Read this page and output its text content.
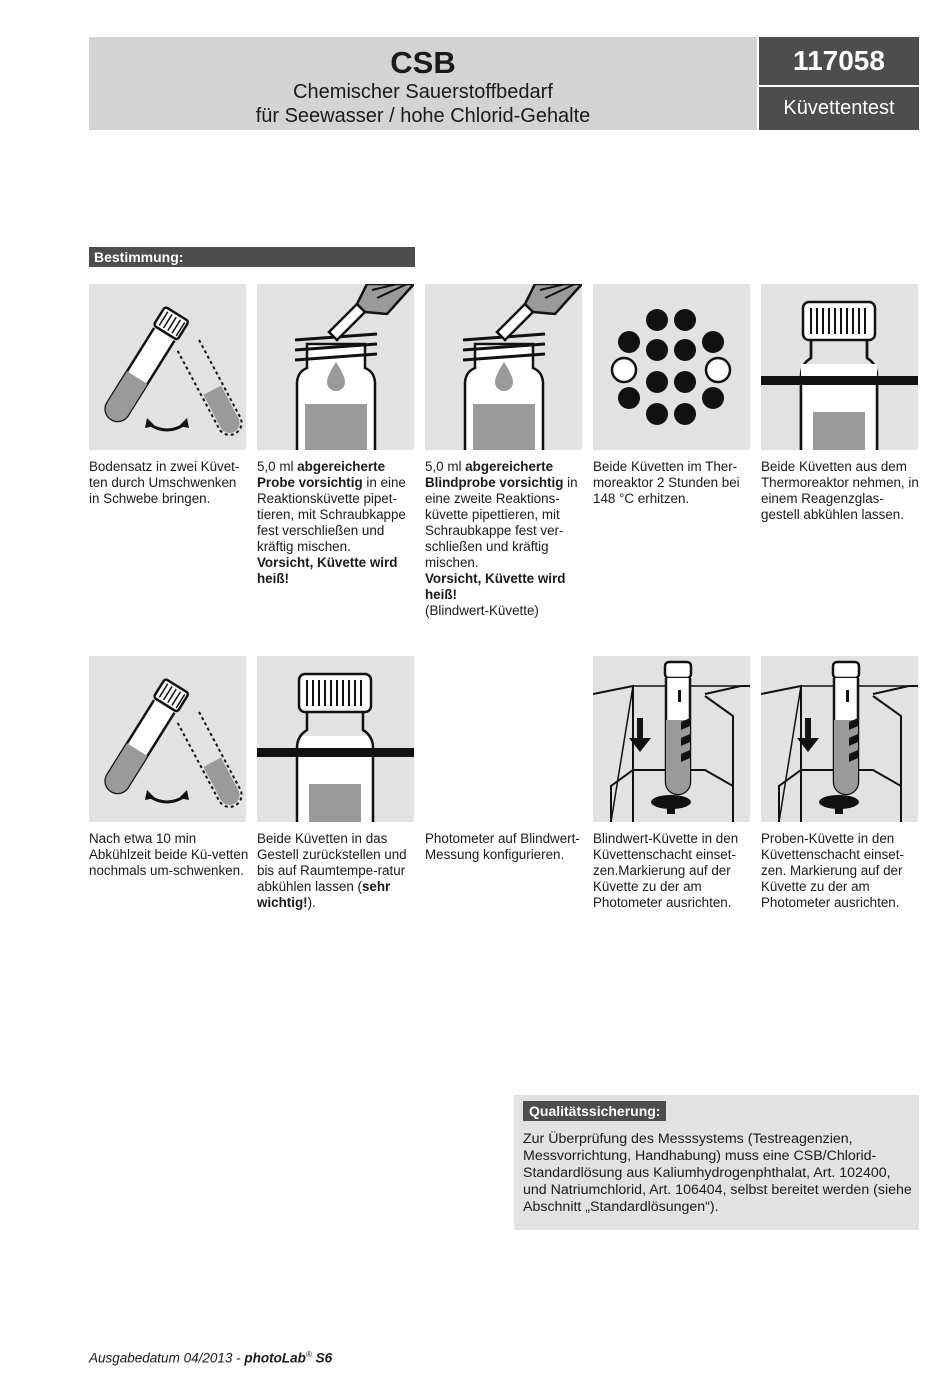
CSB
Chemischer Sauerstoffbedarf
für Seewasser / hohe Chlorid-Gehalte
117058
Küvettentest
Bestimmung:
Bodensatz in zwei Küvet-ten durch Umschwenken in Schwebe bringen.
5,0 ml abgereicherte Probe vorsichtig in eine Reaktionsküvette pipet-tieren, mit Schraubkappe fest verschließen und kräftig mischen.
Vorsicht, Küvette wird heiß!
5,0 ml abgereicherte Blindprobe vorsichtig in eine zweite Reaktions-küvette pipettieren, mit Schraubkappe fest ver-schließen und kräftig mischen.
Vorsicht, Küvette wird heiß!
(Blindwert-Küvette)
Beide Küvetten im Ther-moreaktor 2 Stunden bei 148 °C erhitzen.
Beide Küvetten aus dem Thermoreaktor nehmen, in einem Reagenzglas-gestell abkühlen lassen.
Nach etwa 10 min Abkühlzeit beide Kü-vetten nochmals um-schwenken.
Beide Küvetten in das Gestell zurückstellen und bis auf Raumtempe-ratur abkühlen lassen (sehr wichtig!).
Photometer auf Blindwert-Messung konfigurieren.
Blindwert-Küvette in den Küvettenschacht einset-zen.Markierung auf der Küvette zu der am Photometer ausrichten.
Proben-Küvette in den Küvettenschacht einset-zen. Markierung auf der Küvette zu der am Photometer ausrichten.
Qualitätssicherung:
Zur Überprüfung des Messsystems (Testreagenzien, Messvorrichtung, Handhabung) muss eine CSB/Chlorid-Standardlösung aus Kaliumhydrogenphthalat, Art. 102400, und Natriumchlorid, Art. 106404, selbst bereitet werden (siehe Abschnitt „Standardlösungen“).
Ausgabedatum 04/2013 - photoLab® S6
